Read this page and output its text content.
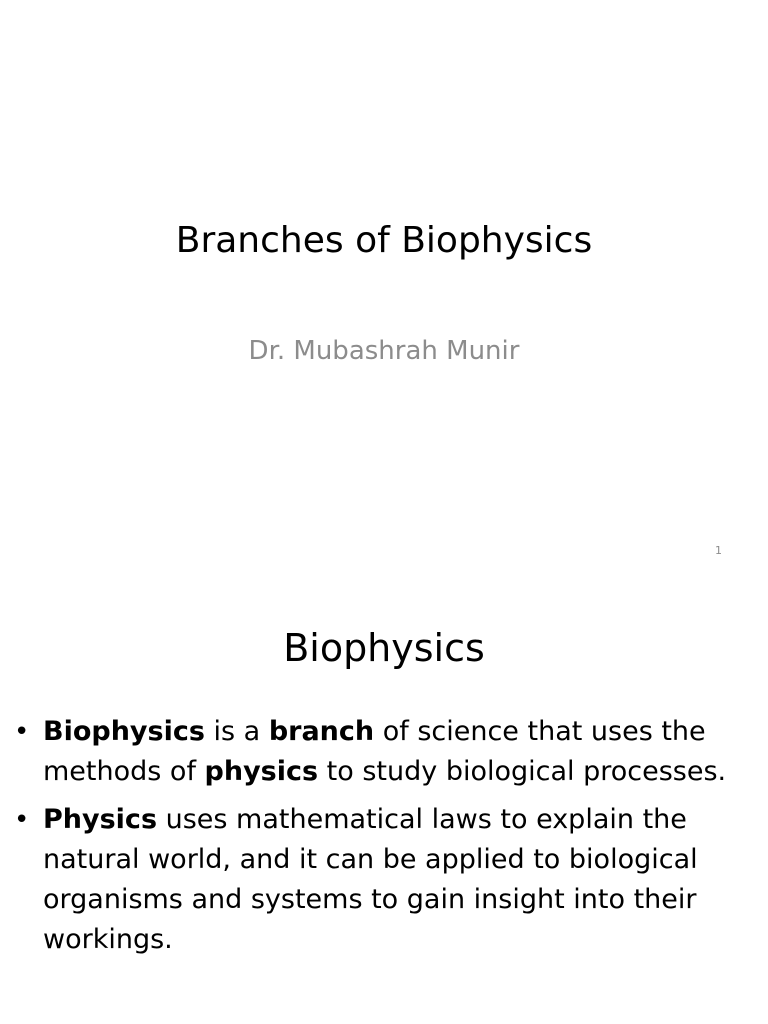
Branches of Biophysics

Dr. Mubashrah Munir

1
Biophysics
• Biophysics is a branch of science that uses the methods of physics to study biological processes.
• Physics uses mathematical laws to explain the natural world, and it can be applied to biological organisms and systems to gain insight into their workings.
